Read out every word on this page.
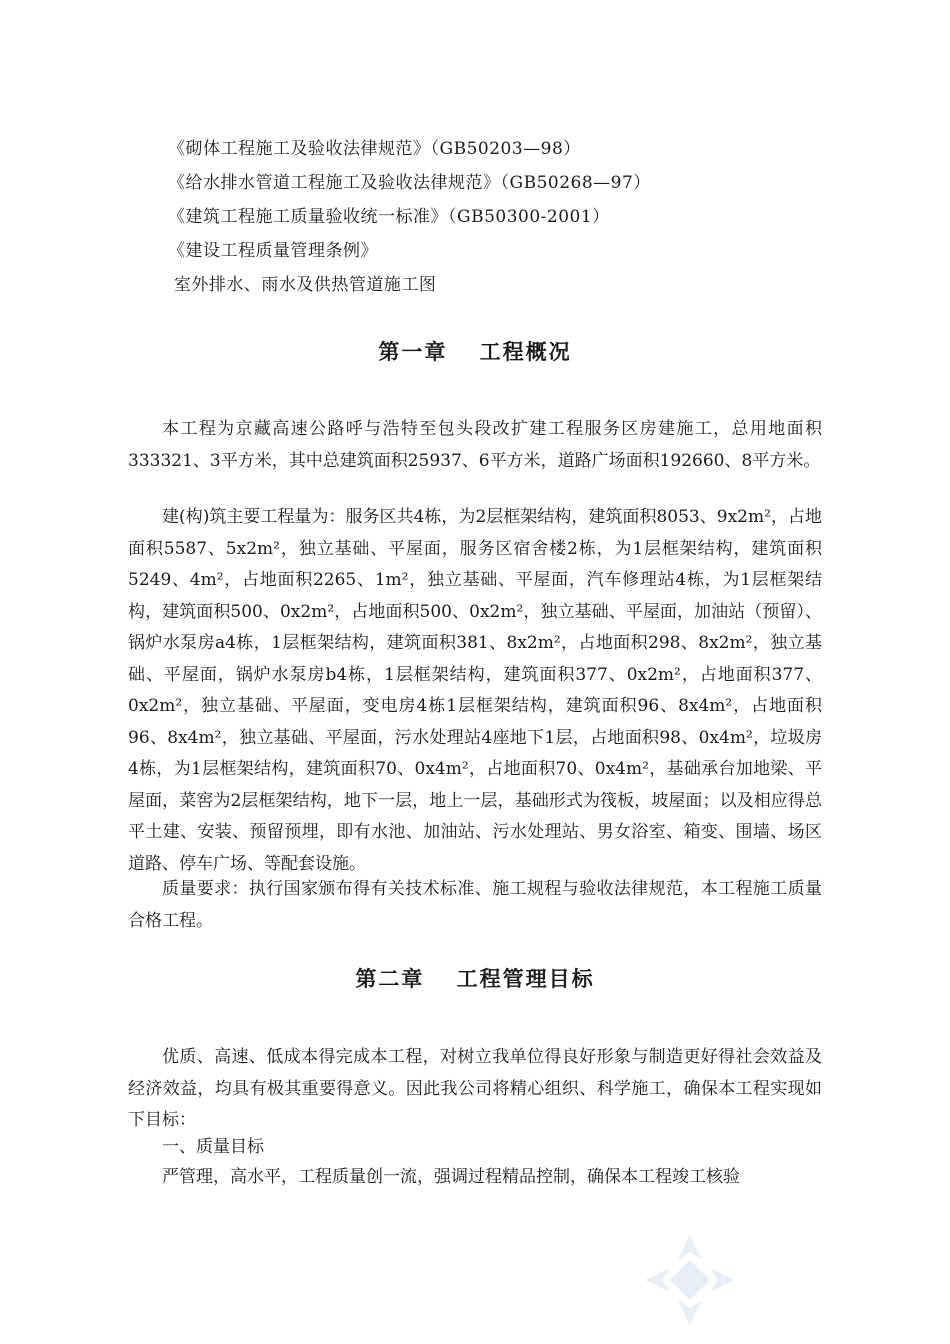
《砌体工程施工及验收法律规范》（GB50203—98）
《给水排水管道工程施工及验收法律规范》（GB50268—97）
《建筑工程施工质量验收统一标准》（GB50300-2001）
《建设工程质量管理条例》
室外排水、雨水及供热管道施工图
第一章　 工程概况
本工程为京藏高速公路呼与浩特至包头段改扩建工程服务区房建施工，总用地面积333321、3平方米，其中总建筑面积25937、6平方米，道路广场面积192660、8平方米。
建(构)筑主要工程量为：服务区共4栋，为2层框架结构，建筑面积8053、9x2m²，占地面积5587、5x2m²，独立基础、平屋面，服务区宿舍楼2栋，为1层框架结构，建筑面积5249、4m²，占地面积2265、1m²，独立基础、平屋面，汽车修理站4栋，为1层框架结构，建筑面积500、0x2m²，占地面积500、0x2m²，独立基础、平屋面，加油站（预留）、锅炉水泵房a4栋，1层框架结构，建筑面积381、8x2m²，占地面积298、8x2m²，独立基础、平屋面，锅炉水泵房b4栋，1层框架结构，建筑面积377、0x2m²，占地面积377、0x2m²，独立基础、平屋面，变电房4栋1层框架结构，建筑面积96、8x4m²，占地面积96、8x4m²，独立基础、平屋面，污水处理站4座地下1层，占地面积98、0x4m²，垃圾房4栋，为1层框架结构，建筑面积70、0x4m²，占地面积70、0x4m²，基础承台加地梁、平屋面，菜窖为2层框架结构，地下一层，地上一层，基础形式为筏板，坡屋面；以及相应得总平土建、安装、预留预埋，即有水池、加油站、污水处理站、男女浴室、箱变、围墙、场区道路、停车广场、等配套设施。
质量要求：执行国家颁布得有关技术标准、施工规程与验收法律规范，本工程施工质量合格工程。
第二章　 工程管理目标
优质、高速、低成本得完成本工程，对树立我单位得良好形象与制造更好得社会效益及经济效益，均具有极其重要得意义。因此我公司将精心组织、科学施工，确保本工程实现如下目标：
一、质量目标
严管理，高水平，工程质量创一流，强调过程精品控制，确保本工程竣工核验
